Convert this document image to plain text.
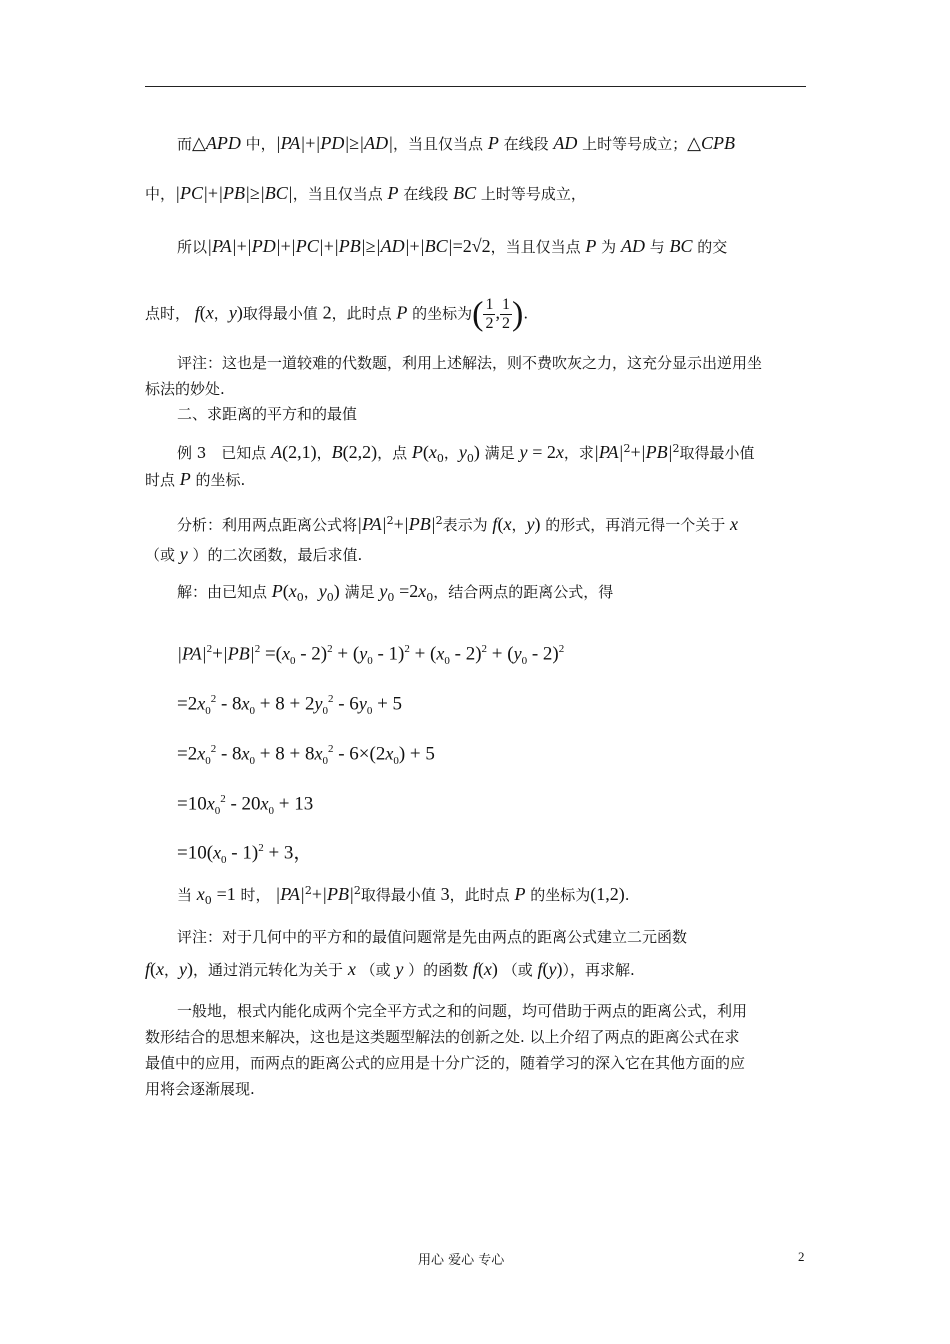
而△APD 中，|PA|+|PD|≥|AD|，当且仅当点 P 在线段 AD 上时等号成立；△CPB
中，|PC|+|PB|≥|BC|，当且仅当点 P 在线段 BC 上时等号成立，
所以|PA|+|PD|+|PC|+|PB|≥|AD|+|BC|=2√2，当且仅当点 P 为 AD 与 BC 的交
点时， f(x，y)取得最小值 2，此时点 P 的坐标为( $\frac{1}{2}$ , $\frac{1}{2}$ ).
评注：这也是一道较难的代数题，利用上述解法，则不费吹灰之力，这充分显示出逆用坐
标法的妙处.
二、求距离的平方和的最值
例 3　已知点 A(2,1)，B(2,2)，点 $P(x_0$，$y_0$) 满足 y = 2x，求$|PA|^2+|PB|^2$取得最小值
时点 P 的坐标.
分析：利用两点距离公式将$|PA|^2+|PB|^2$表示为 f(x，y) 的形式，再消元得一个关于 x
（或 y ）的二次函数，最后求值.
解：由已知点 $P(x_0$，$y_0$) 满足 $y_0 =2x_0$，结合两点的距离公式，得
$|PA|^2+|PB|^2 =(x_0 - 2)^2 + (y_0 - 1)^2 + (x_0 - 2)^2 + (y_0 - 2)^2$
$=2x_0^2 - 8x_0 + 8 + 2y_0^2 - 6y_0 + 5$
$=2x_0^2 - 8x_0 + 8 + 8x_0^2 - 6\times(2x_0) + 5$
$=10x_0^2 - 20x_0 + 13$
$=10(x_0 - 1)^2 + 3$，
当 $x_0 =1$ 时， $|PA|^2+|PB|^2$取得最小值 3，此时点 P 的坐标为(1,2).
评注：对于几何中的平方和的最值问题常是先由两点的距离公式建立二元函数
f(x，y)，通过消元转化为关于 x （或 y ）的函数 f(x) （或 f(y)），再求解.
一般地，根式内能化成两个完全平方式之和的问题，均可借助于两点的距离公式，利用
数形结合的思想来解决，这也是这类题型解法的创新之处. 以上介绍了两点的距离公式在求
最值中的应用，而两点的距离公式的应用是十分广泛的，随着学习的深入它在其他方面的应
用将会逐渐展现.
用心 爱心 专心	2
